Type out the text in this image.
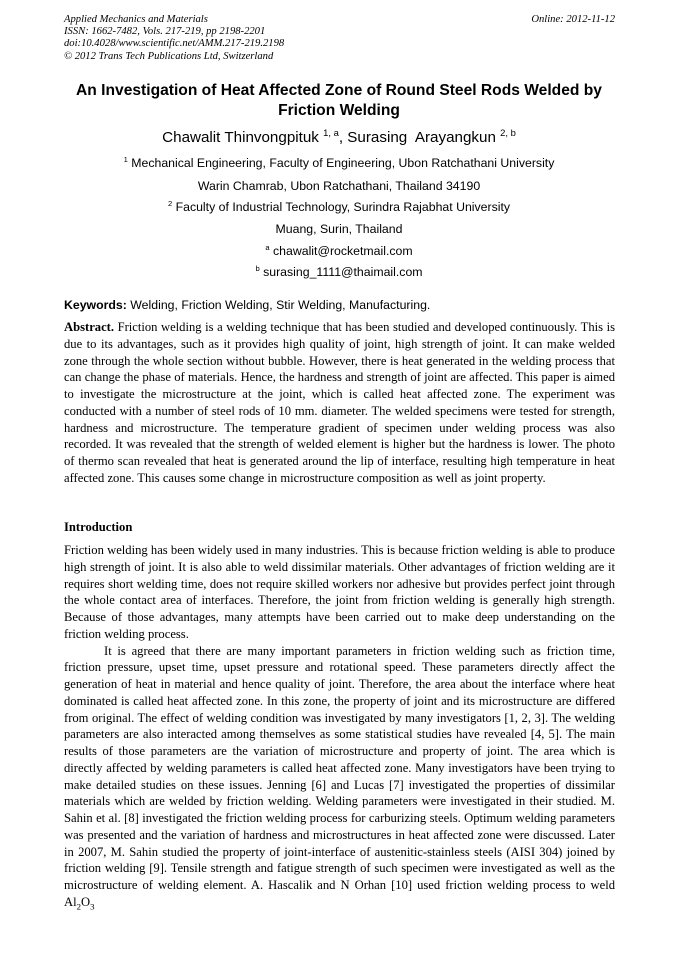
Applied Mechanics and Materials
ISSN: 1662-7482, Vols. 217-219, pp 2198-2201
doi:10.4028/www.scientific.net/AMM.217-219.2198
© 2012 Trans Tech Publications Ltd, Switzerland
Online: 2012-11-12
An Investigation of Heat Affected Zone of Round Steel Rods Welded by
Friction Welding
Chawalit Thinvongpituk $^{1, a}$, Surasing  Arayangkun $^{2, b}$
$^1$ Mechanical Engineering, Faculty of Engineering, Ubon Ratchathani University
Warin Chamrab, Ubon Ratchathani, Thailand 34190
$^2$ Faculty of Industrial Technology, Surindra Rajabhat University
Muang, Surin, Thailand
$^a$ chawalit@rocketmail.com
$^b$ surasing_1111@thaimail.com
Keywords: Welding, Friction Welding, Stir Welding, Manufacturing.
Abstract. Friction welding is a welding technique that has been studied and developed continuously. This is due to its advantages, such as it provides high quality of joint, high strength of joint. It can make welded zone through the whole section without bubble. However, there is heat generated in the welding process that can change the phase of materials. Hence, the hardness and strength of joint are affected. This paper is aimed to investigate the microstructure at the joint, which is called heat affected zone. The experiment was conducted with a number of steel rods of 10 mm. diameter. The welded specimens were tested for strength, hardness and microstructure. The temperature gradient of specimen under welding process was also recorded. It was revealed that the strength of welded element is higher but the hardness is lower. The photo of thermo scan revealed that heat is generated around the lip of interface, resulting high temperature in heat affected zone. This causes some change in microstructure composition as well as joint property.
Introduction

Friction welding has been widely used in many industries. This is because friction welding is able to produce high strength of joint. It is also able to weld dissimilar materials. Other advantages of friction welding are it requires short welding time, does not require skilled workers nor adhesive but provides perfect joint through the whole contact area of interfaces. Therefore, the joint from friction welding is generally high strength. Because of those advantages, many attempts have been carried out to make deep understanding on the friction welding process.

It is agreed that there are many important parameters in friction welding such as friction time, friction pressure, upset time, upset pressure and rotational speed. These parameters directly affect the generation of heat in material and hence quality of joint. Therefore, the area about the interface where heat dominated is called heat affected zone. In this zone, the property of joint and its microstructure are differed from original. The effect of welding condition was investigated by many investigators [1, 2, 3]. The welding parameters are also interacted among themselves as some statistical studies have revealed [4, 5]. The main results of those parameters are the variation of microstructure and property of joint. The area which is directly affected by welding parameters is called heat affected zone. Many investigators have been trying to make detailed studies on these issues. Jenning [6] and Lucas [7] investigated the properties of dissimilar materials which are welded by friction welding. Welding parameters were investigated in their studied. M. Sahin et al. [8] investigated the friction welding process for carburizing steels. Optimum welding parameters was presented and the variation of hardness and microstructures in heat affected zone were discussed. Later in 2007, M. Sahin studied the property of joint-interface of austenitic-stainless steels (AISI 304) joined by friction welding [9]. Tensile strength and fatigue strength of such specimen were investigated as well as the microstructure of welding element. A. Hascalik and N Orhan [10] used friction welding process to weld $Al_2O_3$
